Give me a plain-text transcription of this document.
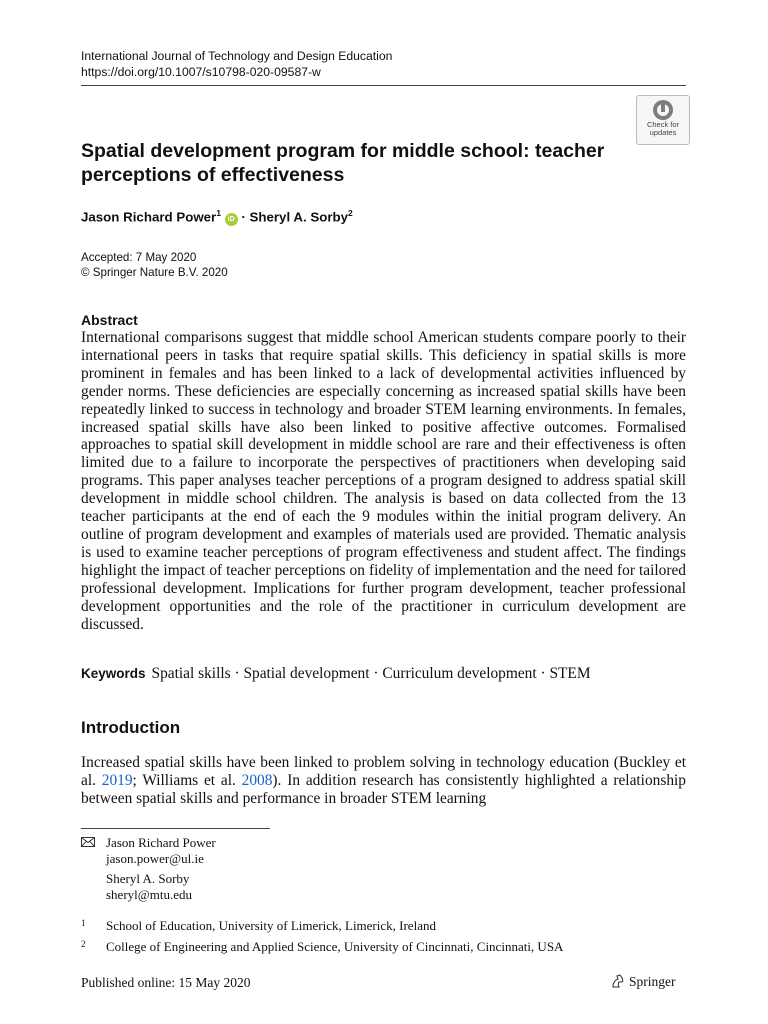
International Journal of Technology and Design Education
https://doi.org/10.1007/s10798-020-09587-w
Check for
updates
Spatial development program for middle school: teacher
perceptions of effectiveness
Jason Richard Power$^1$ iD · Sheryl A. Sorby$^2$
Accepted: 7 May 2020
© Springer Nature B.V. 2020
Abstract
International comparisons suggest that middle school American students compare poorly to their international peers in tasks that require spatial skills. This deficiency in spatial skills is more prominent in females and has been linked to a lack of developmental activities influenced by gender norms. These deficiencies are especially concerning as increased spatial skills have been repeatedly linked to success in technology and broader STEM learning environments. In females, increased spatial skills have also been linked to positive affective outcomes. Formalised approaches to spatial skill development in middle school are rare and their effectiveness is often limited due to a failure to incorporate the perspectives of practitioners when developing said programs. This paper analyses teacher perceptions of a program designed to address spatial skill development in middle school children. The analysis is based on data collected from the 13 teacher participants at the end of each the 9 modules within the initial program delivery. An outline of program development and examples of materials used are provided. Thematic analysis is used to examine teacher perceptions of program effectiveness and student affect. The findings highlight the impact of teacher perceptions on fidelity of implementation and the need for tailored professional development. Implications for further program development, teacher professional development opportunities and the role of the practitioner in curriculum development are discussed.
Keywords Spatial skills · Spatial development · Curriculum development · STEM
Introduction
Increased spatial skills have been linked to problem solving in technology education (Buckley et al. 2019; Williams et al. 2008). In addition research has consistently highlighted a relationship between spatial skills and performance in broader STEM learning
Jason Richard Power
jason.power@ul.ie
Sheryl A. Sorby
sheryl@mtu.edu
$^1$ School of Education, University of Limerick, Limerick, Ireland
$^2$ College of Engineering and Applied Science, University of Cincinnati, Cincinnati, USA
Published online: 15 May 2020	Springer
